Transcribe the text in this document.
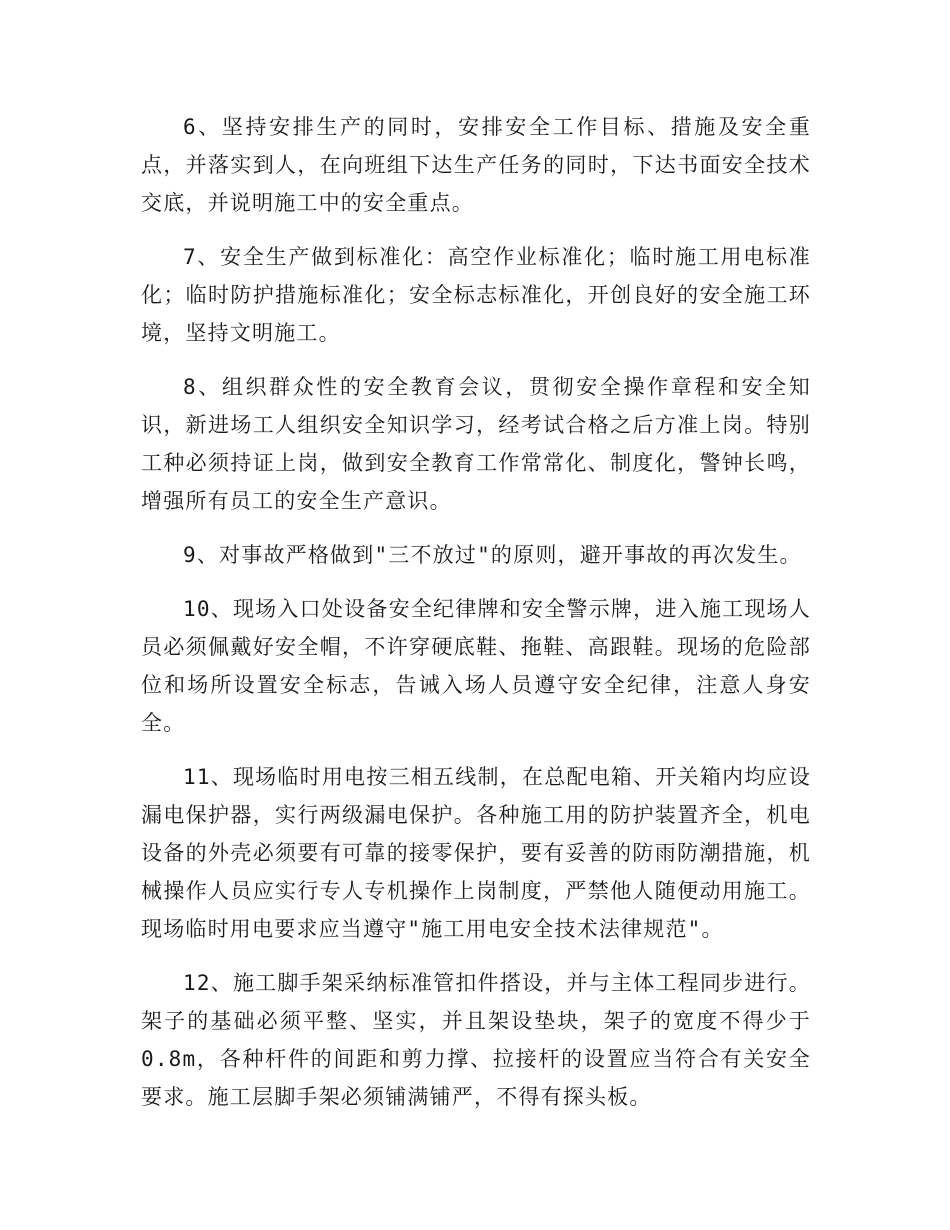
6、坚持安排生产的同时，安排安全工作目标、措施及安全重点，并落实到人，在向班组下达生产任务的同时，下达书面安全技术交底，并说明施工中的安全重点。

7、安全生产做到标准化：高空作业标准化；临时施工用电标准化；临时防护措施标准化；安全标志标准化，开创良好的安全施工环境，坚持文明施工。

8、组织群众性的安全教育会议，贯彻安全操作章程和安全知识，新进场工人组织安全知识学习，经考试合格之后方准上岗。特别工种必须持证上岗，做到安全教育工作常常化、制度化，警钟长鸣，增强所有员工的安全生产意识。

9、对事故严格做到"三不放过"的原则，避开事故的再次发生。

10、现场入口处设备安全纪律牌和安全警示牌，进入施工现场人员必须佩戴好安全帽，不许穿硬底鞋、拖鞋、高跟鞋。现场的危险部位和场所设置安全标志，告诫入场人员遵守安全纪律，注意人身安全。

11、现场临时用电按三相五线制，在总配电箱、开关箱内均应设漏电保护器，实行两级漏电保护。各种施工用的防护装置齐全，机电设备的外壳必须要有可靠的接零保护，要有妥善的防雨防潮措施，机械操作人员应实行专人专机操作上岗制度，严禁他人随便动用施工。现场临时用电要求应当遵守"施工用电安全技术法律规范"。

12、施工脚手架采纳标准管扣件搭设，并与主体工程同步进行。架子的基础必须平整、坚实，并且架设垫块，架子的宽度不得少于0.8m，各种杆件的间距和剪力撑、拉接杆的设置应当符合有关安全要求。施工层脚手架必须铺满铺严，不得有探头板。
